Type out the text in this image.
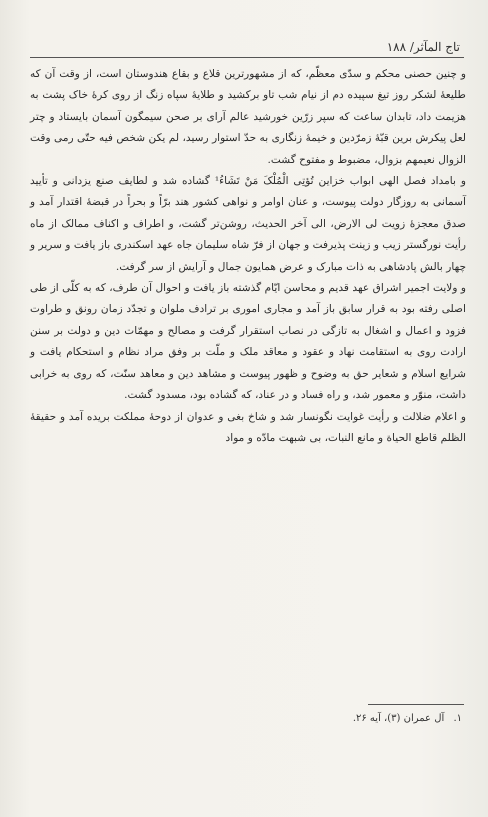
تاج المآثر/ ۱۸۸

و چنین حصنی محکم و سدّی معظّم، که از مشهورترین قلاع و بقاع هندوستان است، از وقت آن که طلیعهٔ لشکر روز تیغ سپیده دم از نیام شب تاو برکشید و طلایهٔ سپاه زنگ از روی کرهٔ خاک پشت به هزیمت داد، تابدان ساعت که سپر زرّین خورشید عالم آرای بر صحن سیمگون آسمان بایستاد و چتر لعل پیکرش برین قبّهٔ زمرّدین و خیمهٔ زنگاری به حدّ استوار رسید، لم یکن شخص فیه حتّی رمی وقت الزوال نعیمهم بزوال، مضبوط و مفتوح گشت.

و بامداد فصل الهی ابواب خزاین تُؤتِی الْمُلْکَ مَنْ تَشَاءُ¹ گشاده شد و لطایف صنع یزدانی و تأیید آسمانی به روزگار دولت پیوست، و عنان اوامر و نواهی کشور هند برّاً و بحراً در قبضهٔ اقتدار آمد و صدق معجزهٔ زویت لی الارض، الی آخر الحدیث، روشن‌تر گشت، و اطراف و اکناف ممالک از ماه رأیت نورگستر زیب و زینت پذیرفت و جهان از فرّ شاه سلیمان جاه عهد اسکندری باز یافت و سریر و چهار بالش پادشاهی به ذات مبارک و عرض همایون جمال و آرایش از سر گرفت.

و ولایت اجمیر اشراق عهد قدیم و محاسن ایّام گذشته باز یافت و احوال آن طرف، که به کلّی از طی اصلی رفته بود به قرار سابق باز آمد و مجاری اموری بر ترادف ملوان و تجدّد زمان رونق و طراوت فزود و اعمال و اشغال به تازگی در نصاب استقرار گرفت و مصالح و مهمّات دین و دولت بر سنن ارادت روی به استقامت نهاد و عقود و معاقد ملک و ملّت بر وفق مراد نظام و استحکام یافت و شرایع اسلام و شعایر حق به وضوح و ظهور پیوست و مشاهد دین و معاهد سنّت، که روی به خرابی داشت، منوّر و معمور شد، و راه فساد و در عناد، که گشاده بود، مسدود گشت.

و اعلام ضلالت و رأیت غوایت نگونسار شد و شاخ بغی و عدوان از دوحهٔ مملکت بریده آمد و حقیقهٔ الظلم قاطع الحیاة و مانع النبات، بی شبهت مادّه و مواد

۱. آل عمران (۳)، آیه ۲۶.
